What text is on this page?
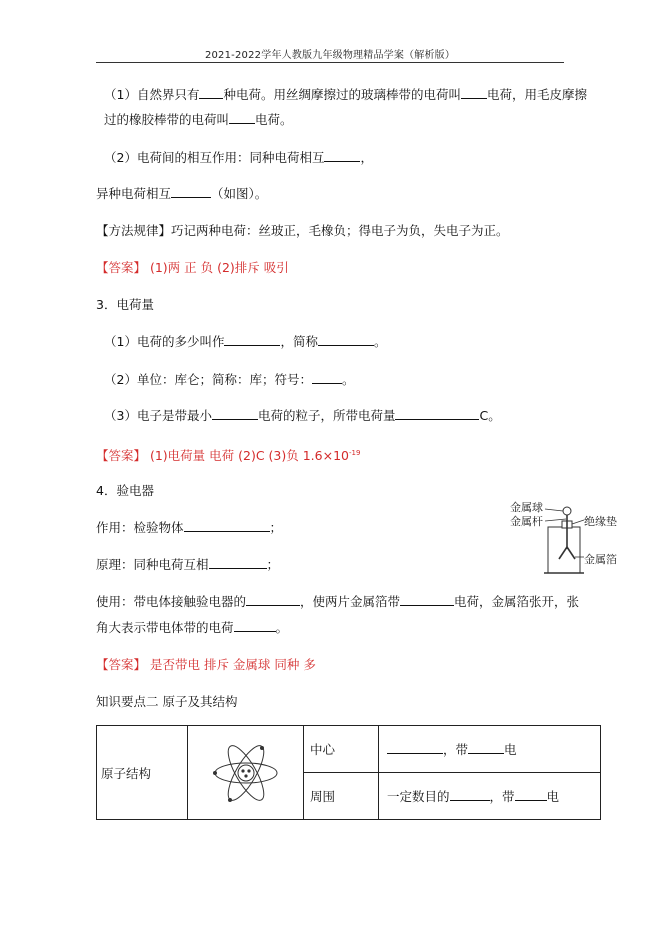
2021-2022学年人教版九年级物理精品学案（解析版）
（1）自然界只有 种电荷。用丝绸摩擦过的玻璃棒带的电荷叫 电荷，用毛皮摩擦
过的橡胶棒带的电荷叫 电荷。
（2）电荷间的相互作用：同种电荷相互	，
异种电荷相互	（如图）。
【方法规律】巧记两种电荷：丝玻正，毛橡负；得电子为负，失电子为正。
【答案】 (1)两 正 负 (2)排斥 吸引
3．电荷量
（1）电荷的多少叫作	，简称	。
（2）单位：库仑；简称：库；符号： 。
（3）电子是带最小	电荷的粒子，所带电荷量	C。
【答案】 (1)电荷量 电荷 (2)C (3)负 $1.6\times 10^{-19}$
4．验电器
作用：检验物体	；
原理：同种电荷互相	；
使用：带电体接触验电器的	，使两片金属箔带	电荷，金属箔张开，张
角大表示带电体带的电荷	。
【答案】 是否带电 排斥 金属球 同种 多
金属球
金属杆	绝缘垫
金属箔
知识要点二 原子及其结构
原子结构		中心	，带 电
		周围	一定数目的 ，带 电
